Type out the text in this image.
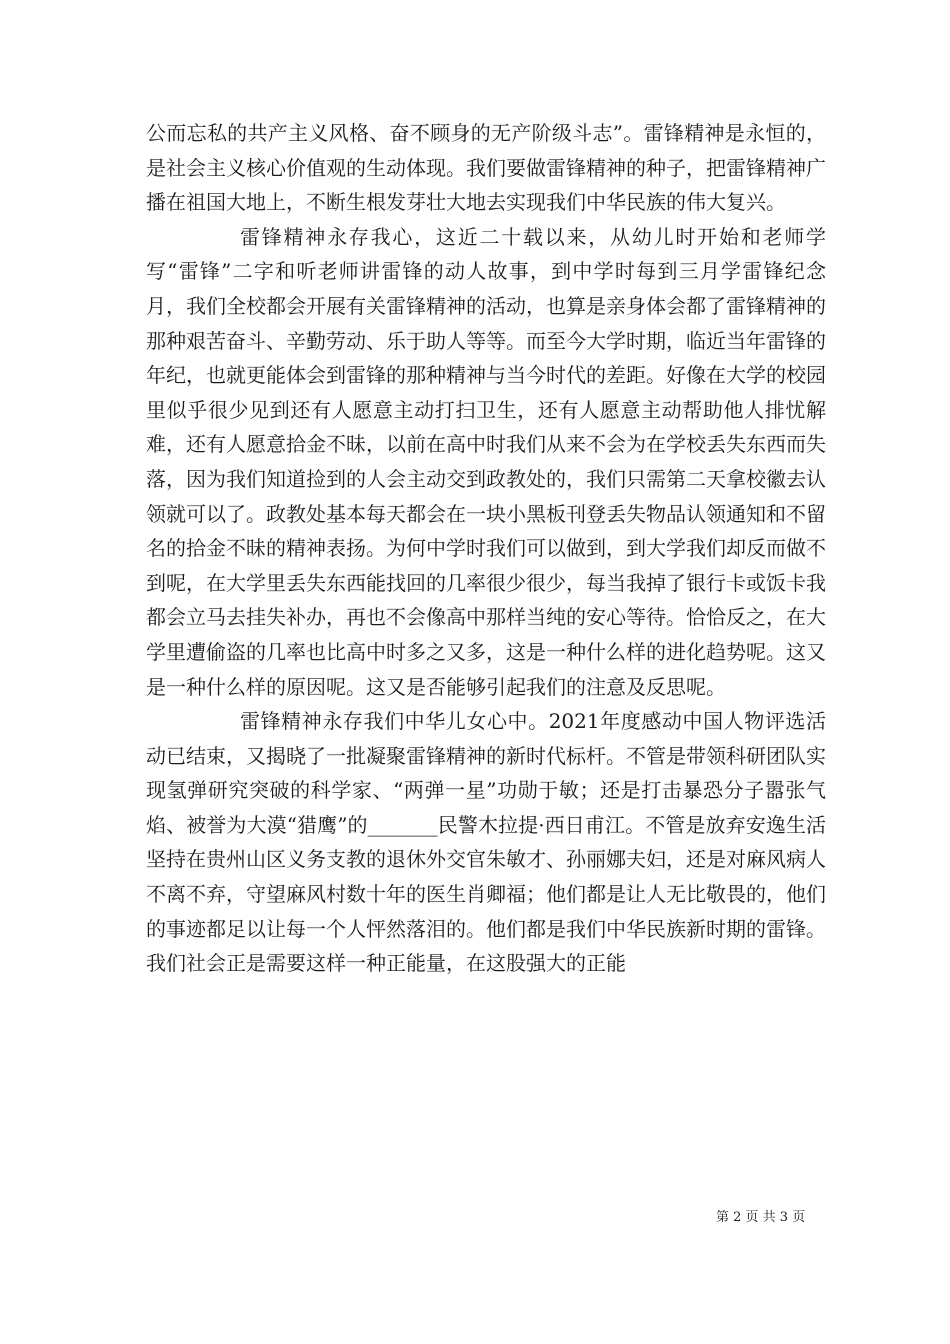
公而忘私的共产主义风格、奋不顾身的无产阶级斗志”。雷锋精神是永恒的，是社会主义核心价值观的生动体现。我们要做雷锋精神的种子，把雷锋精神广播在祖国大地上，不断生根发芽壮大地去实现我们中华民族的伟大复兴。

雷锋精神永存我心，这近二十载以来，从幼儿时开始和老师学写“雷锋”二字和听老师讲雷锋的动人故事，到中学时每到三月学雷锋纪念月，我们全校都会开展有关雷锋精神的活动，也算是亲身体会都了雷锋精神的那种艰苦奋斗、辛勤劳动、乐于助人等等。而至今大学时期，临近当年雷锋的年纪，也就更能体会到雷锋的那种精神与当今时代的差距。好像在大学的校园里似乎很少见到还有人愿意主动打扫卫生，还有人愿意主动帮助他人排忧解难，还有人愿意拾金不昧，以前在高中时我们从来不会为在学校丢失东西而失落，因为我们知道捡到的人会主动交到政教处的，我们只需第二天拿校徽去认领就可以了。政教处基本每天都会在一块小黑板刊登丢失物品认领通知和不留名的拾金不昧的精神表扬。为何中学时我们可以做到，到大学我们却反而做不到呢，在大学里丢失东西能找回的几率很少很少，每当我掉了银行卡或饭卡我都会立马去挂失补办，再也不会像高中那样当纯的安心等待。恰恰反之，在大学里遭偷盗的几率也比高中时多之又多，这是一种什么样的进化趋势呢。这又是一种什么样的原因呢。这又是否能够引起我们的注意及反思呢。

雷锋精神永存我们中华儿女心中。2021年度感动中国人物评选活动已结束，又揭晓了一批凝聚雷锋精神的新时代标杆。不管是带领科研团队实现氢弹研究突破的科学家、“两弹一星”功勋于敏；还是打击暴恐分子嚣张气焰、被誉为大漠“猎鹰”的_______民警木拉提·西日甫江。不管是放弃安逸生活坚持在贵州山区义务支教的退休外交官朱敏才、孙丽娜夫妇，还是对麻风病人不离不弃，守望麻风村数十年的医生肖卿福；他们都是让人无比敬畏的，他们的事迹都足以让每一个人怦然落泪的。他们都是我们中华民族新时期的雷锋。我们社会正是需要这样一种正能量，在这股强大的正能

第 2 页 共 3 页
